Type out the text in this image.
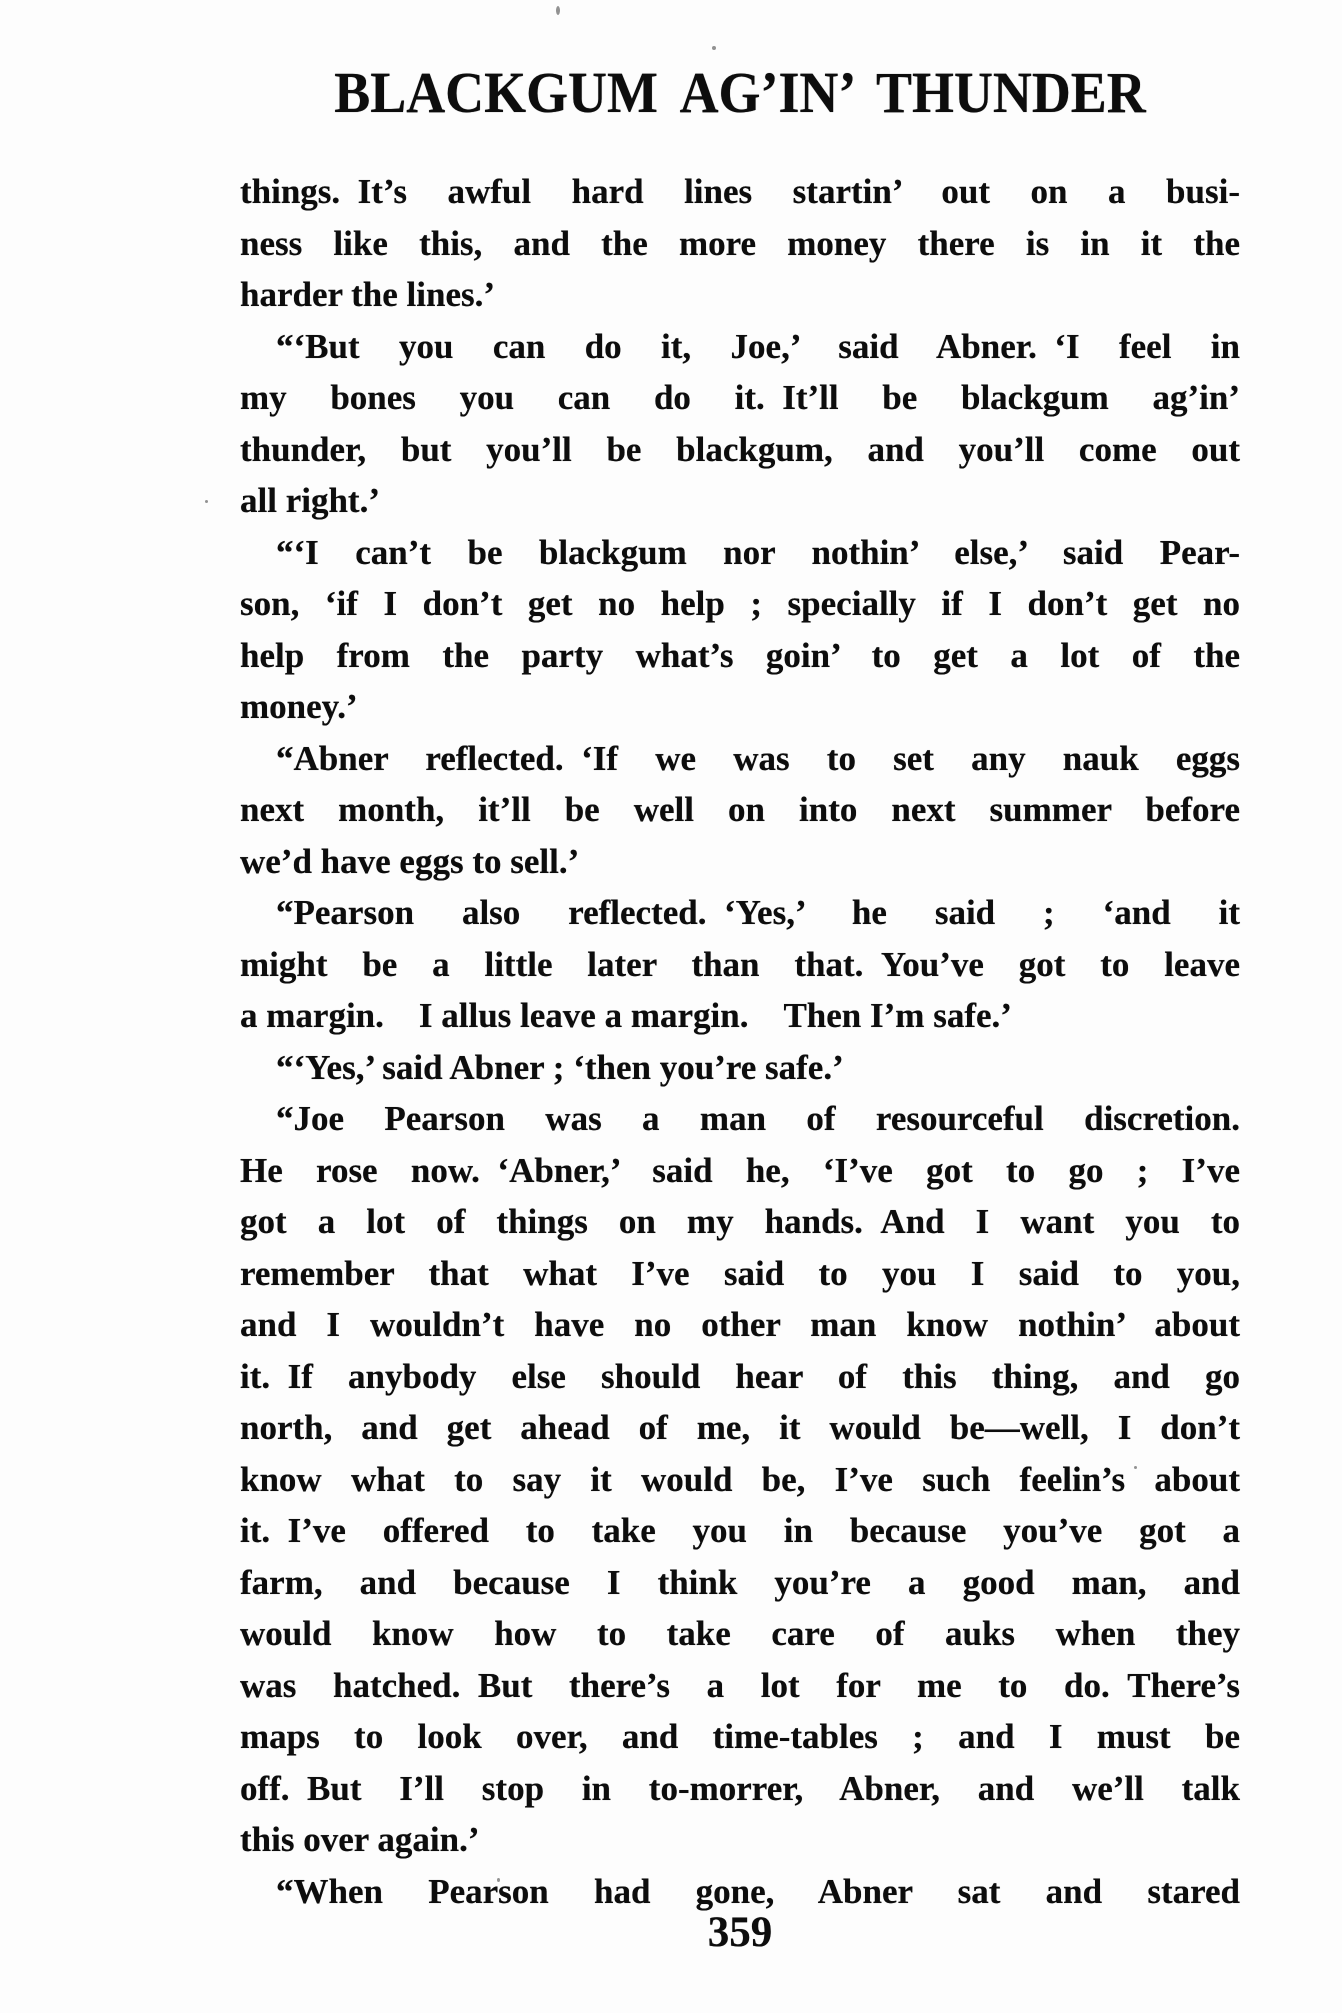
BLACKGUM AG’IN’ THUNDER
things. It’s awful hard lines startin’ out on a busi-
ness like this, and the more money there is in it the
harder the lines.’
“‘But you can do it, Joe,’ said Abner. ‘I feel in
my bones you can do it. It’ll be blackgum ag’in’
thunder, but you’ll be blackgum, and you’ll come out
all right.’
“‘I can’t be blackgum nor nothin’ else,’ said Pear-
son, ‘if I don’t get no help ; specially if I don’t get no
help from the party what’s goin’ to get a lot of the
money.’
“Abner reflected. ‘If we was to set any nauk eggs
next month, it’ll be well on into next summer before
we’d have eggs to sell.’
“Pearson also reflected. ‘Yes,’ he said ; ‘and it
might be a little later than that. You’ve got to leave
a margin. I allus leave a margin. Then I’m safe.’
“‘Yes,’ said Abner ; ‘then you’re safe.’
“Joe Pearson was a man of resourceful discretion.
He rose now. ‘Abner,’ said he, ‘I’ve got to go ; I’ve
got a lot of things on my hands. And I want you to
remember that what I’ve said to you I said to you,
and I wouldn’t have no other man know nothin’ about
it. If anybody else should hear of this thing, and go
north, and get ahead of me, it would be—well, I don’t
know what to say it would be, I’ve such feelin’s about
it. I’ve offered to take you in because you’ve got a
farm, and because I think you’re a good man, and
would know how to take care of auks when they
was hatched. But there’s a lot for me to do. There’s
maps to look over, and time-tables ; and I must be
off. But I’ll stop in to-morrer, Abner, and we’ll talk
this over again.’
“When Pearson had gone, Abner sat and stared
359
